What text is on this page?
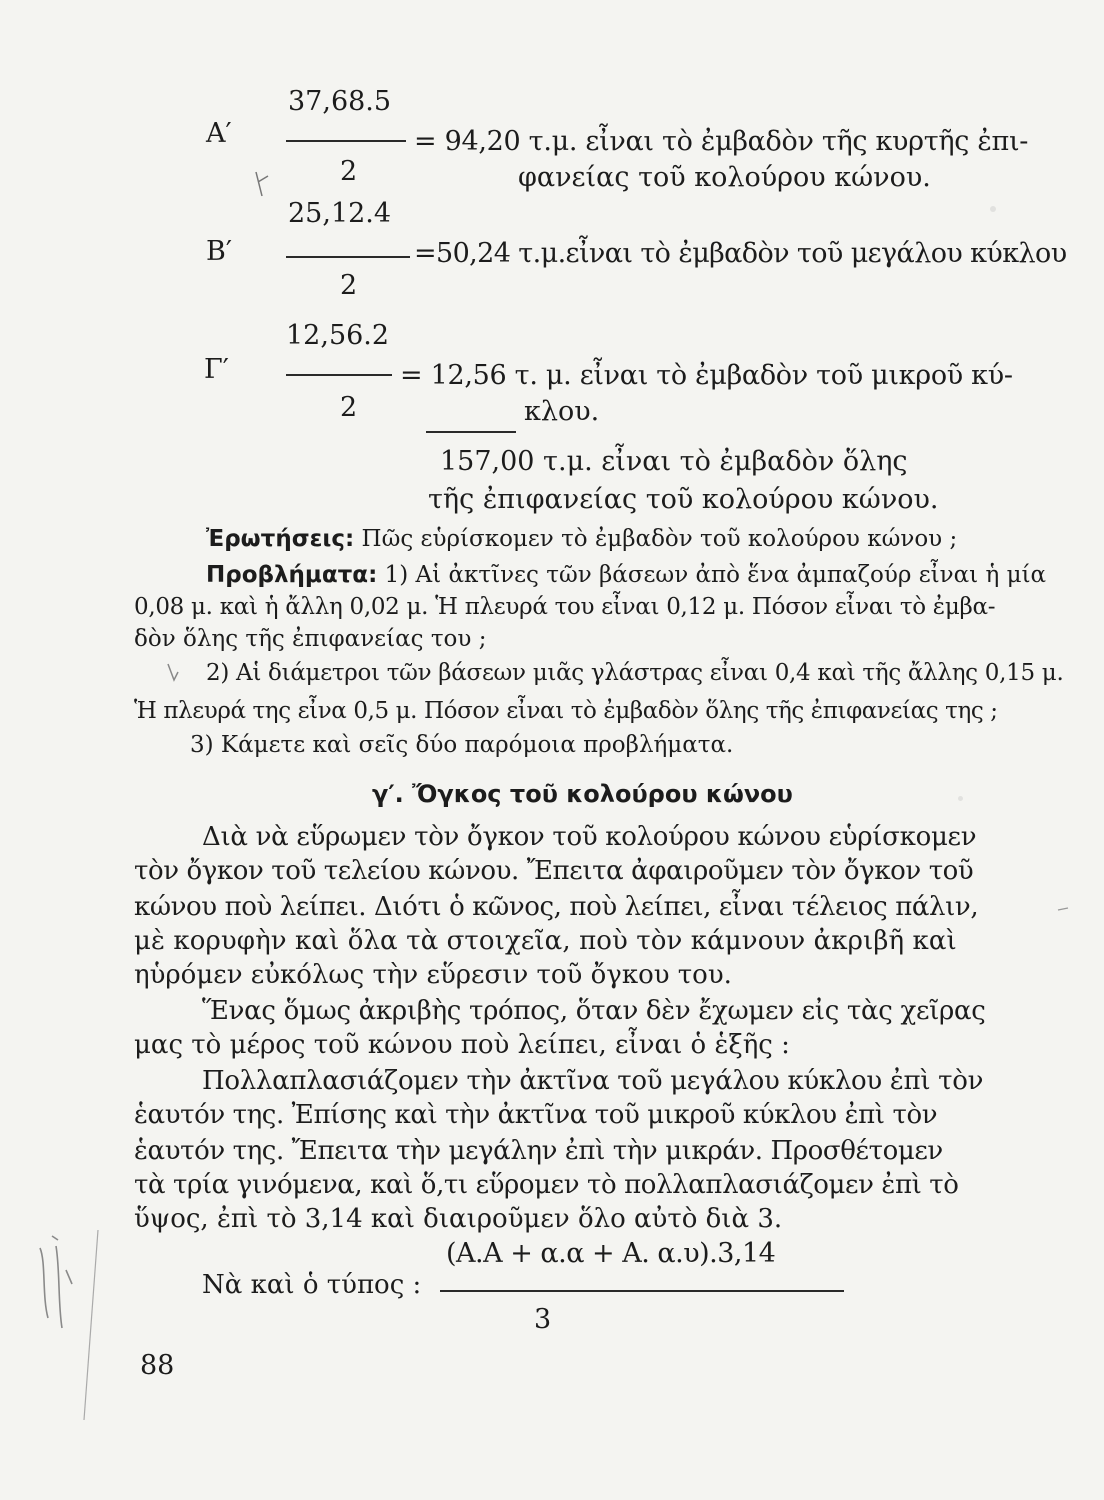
37,68.5
A′	= 94,20 τ.μ. εἶναι τὸ ἐμβαδὸν τῆς κυρτῆς ἐπι-
2	φανείας τοῦ κολούρου κώνου.
25,12.4
B′	=50,24 τ.μ.εἶναι τὸ ἐμβαδὸν τοῦ μεγάλου κύκλου
2
12,56.2
Γ′	= 12,56 τ. μ. εἶναι τὸ ἐμβαδὸν τοῦ μικροῦ κύ-
2	κλου.
157,00 τ.μ. εἶναι τὸ ἐμβαδὸν ὅλης
τῆς ἐπιφανείας τοῦ κολούρου κώνου.
Ἐρωτήσεις: Πῶς εὑρίσκομεν τὸ ἐμβαδὸν τοῦ κολούρου κώνου ;
Προβλήματα: 1) Αἱ ἀκτῖνες τῶν βάσεων ἀπὸ ἕνα ἀμπαζούρ εἶναι ἡ μία
0,08 μ. καὶ ἡ ἄλλη 0,02 μ. Ἡ πλευρά του εἶναι 0,12 μ. Πόσον εἶναι τὸ ἐμβα-
δὸν ὅλης τῆς ἐπιφανείας του ;
2) Αἱ διάμετροι τῶν βάσεων μιᾶς γλάστρας εἶναι 0,4 καὶ τῆς ἄλλης 0,15 μ.
Ἡ πλευρά της εἶνα 0,5 μ. Πόσον εἶναι τὸ ἐμβαδὸν ὅλης τῆς ἐπιφανείας της ;
3) Κάμετε καὶ σεῖς δύο παρόμοια προβλήματα.
γ′. Ὄγκος τοῦ κολούρου κώνου
Διὰ νὰ εὕρωμεν τὸν ὄγκον τοῦ κολούρου κώνου εὑρίσκομεν
τὸν ὄγκον τοῦ τελείου κώνου. Ἔπειτα ἀφαιροῦμεν τὸν ὄγκον τοῦ
κώνου ποὺ λείπει. Διότι ὁ κῶνος, ποὺ λείπει, εἶναι τέλειος πάλιν,
μὲ κορυφὴν καὶ ὅλα τὰ στοιχεῖα, ποὺ τὸν κάμνουν ἀκριβῆ καὶ
ηὑρόμεν εὐκόλως τὴν εὕρεσιν τοῦ ὄγκου του.
Ἕνας ὅμως ἀκριβὴς τρόπος, ὅταν δὲν ἔχωμεν εἰς τὰς χεῖρας
μας τὸ μέρος τοῦ κώνου ποὺ λείπει, εἶναι ὁ ἑξῆς :
Πολλαπλασιάζομεν τὴν ἀκτῖνα τοῦ μεγάλου κύκλου ἐπὶ τὸν
ἑαυτόν της. Ἐπίσης καὶ τὴν ἀκτῖνα τοῦ μικροῦ κύκλου ἐπὶ τὸν
ἑαυτόν της. Ἔπειτα τὴν μεγάλην ἐπὶ τὴν μικράν. Προσθέτομεν
τὰ τρία γινόμενα, καὶ ὅ,τι εὕρομεν τὸ πολλαπλασιάζομεν ἐπὶ τὸ
ὕψος, ἐπὶ τὸ 3,14 καὶ διαιροῦμεν ὅλο αὐτὸ διὰ 3.
(Α.Α + α.α + Α. α.υ).3,14
Νὰ καὶ ὁ τύπος :
3
88
